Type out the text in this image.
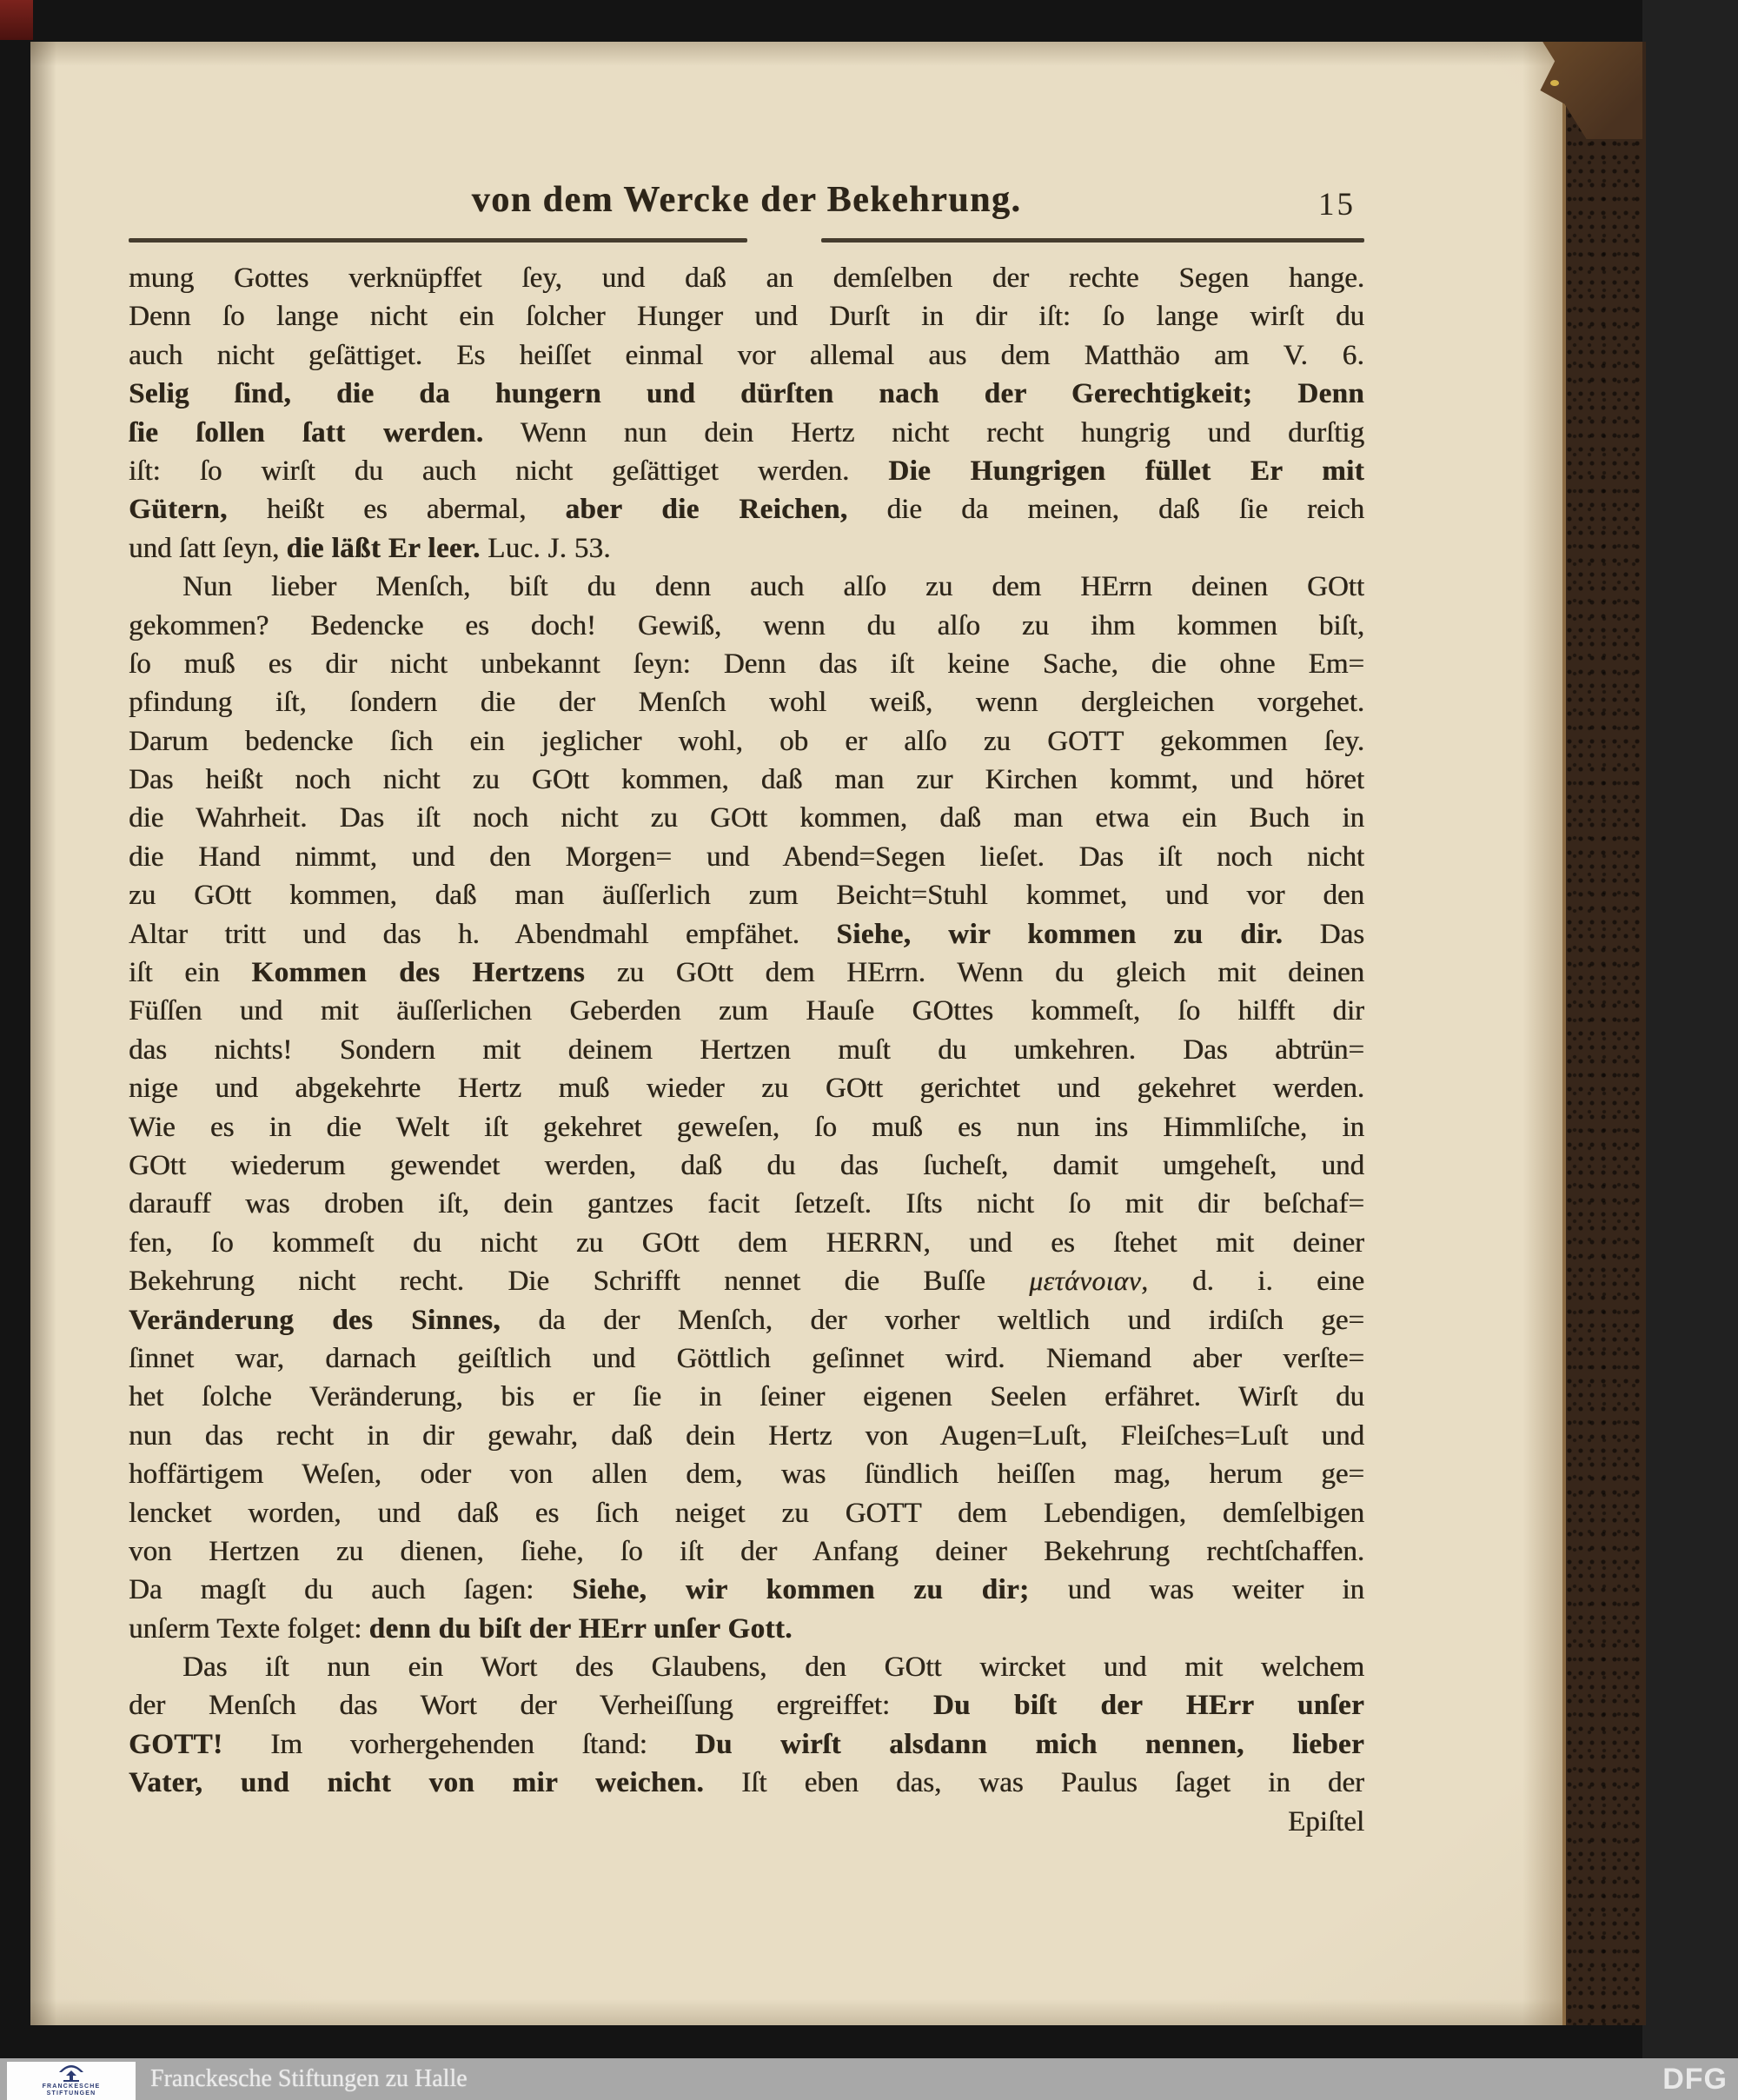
von dem Wercke der Bekehrung.	15
mung Gottes verknüpffet ſey, und daß an demſelben der rechte Segen hange.
Denn ſo lange nicht ein ſolcher Hunger und Durſt in dir iſt: ſo lange wirſt du
auch nicht geſättiget. Es heiſſet einmal vor allemal aus dem Matthäo am V. 6.
Selig ſind, die da hungern und dürſten nach der Gerechtigkeit; Denn
ſie ſollen ſatt werden. Wenn nun dein Hertz nicht recht hungrig und durſtig
iſt: ſo wirſt du auch nicht geſättiget werden. Die Hungrigen füllet Er mit
Gütern, heißt es abermal, aber die Reichen, die da meinen, daß ſie reich
und ſatt ſeyn, die läßt Er leer. Luc. J. 53.
Nun lieber Menſch, biſt du denn auch alſo zu dem HErrn deinen GOtt
gekommen? Bedencke es doch! Gewiß, wenn du alſo zu ihm kommen biſt,
ſo muß es dir nicht unbekannt ſeyn: Denn das iſt keine Sache, die ohne Em=
pfindung iſt, ſondern die der Menſch wohl weiß, wenn dergleichen vorgehet.
Darum bedencke ſich ein jeglicher wohl, ob er alſo zu GOTT gekommen ſey.
Das heißt noch nicht zu GOtt kommen, daß man zur Kirchen kommt, und höret
die Wahrheit. Das iſt noch nicht zu GOtt kommen, daß man etwa ein Buch in
die Hand nimmt, und den Morgen= und Abend=Segen lieſet. Das iſt noch nicht
zu GOtt kommen, daß man äuſſerlich zum Beicht=Stuhl kommet, und vor den
Altar tritt und das h. Abendmahl empfähet. Siehe, wir kommen zu dir. Das
iſt ein Kommen des Hertzens zu GOtt dem HErrn. Wenn du gleich mit deinen
Füſſen und mit äuſſerlichen Geberden zum Hauſe GOttes kommeſt, ſo hilfft dir
das nichts! Sondern mit deinem Hertzen muſt du umkehren. Das abtrün=
nige und abgekehrte Hertz muß wieder zu GOtt gerichtet und gekehret werden.
Wie es in die Welt iſt gekehret geweſen, ſo muß es nun ins Himmliſche, in
GOtt wiederum gewendet werden, daß du das ſucheſt, damit umgeheſt, und
darauff was droben iſt, dein gantzes facit ſetzeſt. Iſts nicht ſo mit dir beſchaf=
fen, ſo kommeſt du nicht zu GOtt dem HERRN, und es ſtehet mit deiner
Bekehrung nicht recht. Die Schrifft nennet die Buſſe μετάνοιαν, d. i. eine
Veränderung des Sinnes, da der Menſch, der vorher weltlich und irdiſch ge=
ſinnet war, darnach geiſtlich und Göttlich geſinnet wird. Niemand aber verſte=
het ſolche Veränderung, bis er ſie in ſeiner eigenen Seelen erfähret. Wirſt du
nun das recht in dir gewahr, daß dein Hertz von Augen=Luſt, Fleiſches=Luſt und
hoffärtigem Weſen, oder von allen dem, was ſündlich heiſſen mag, herum ge=
lencket worden, und daß es ſich neiget zu GOTT dem Lebendigen, demſelbigen
von Hertzen zu dienen, ſiehe, ſo iſt der Anfang deiner Bekehrung rechtſchaffen.
Da magſt du auch ſagen: Siehe, wir kommen zu dir; und was weiter in
unſerm Texte folget: denn du biſt der HErr unſer Gott.
Das iſt nun ein Wort des Glaubens, den GOtt wircket und mit welchem
der Menſch das Wort der Verheiſſung ergreiffet: Du biſt der HErr unſer
GOTT! Im vorhergehenden ſtand: Du wirſt alsdann mich nennen, lieber
Vater, und nicht von mir weichen. Iſt eben das, was Paulus ſaget in der
Epiſtel
FRANCKESCHE
STIFTUNGEN
Franckesche Stiftungen zu Halle	DFG
